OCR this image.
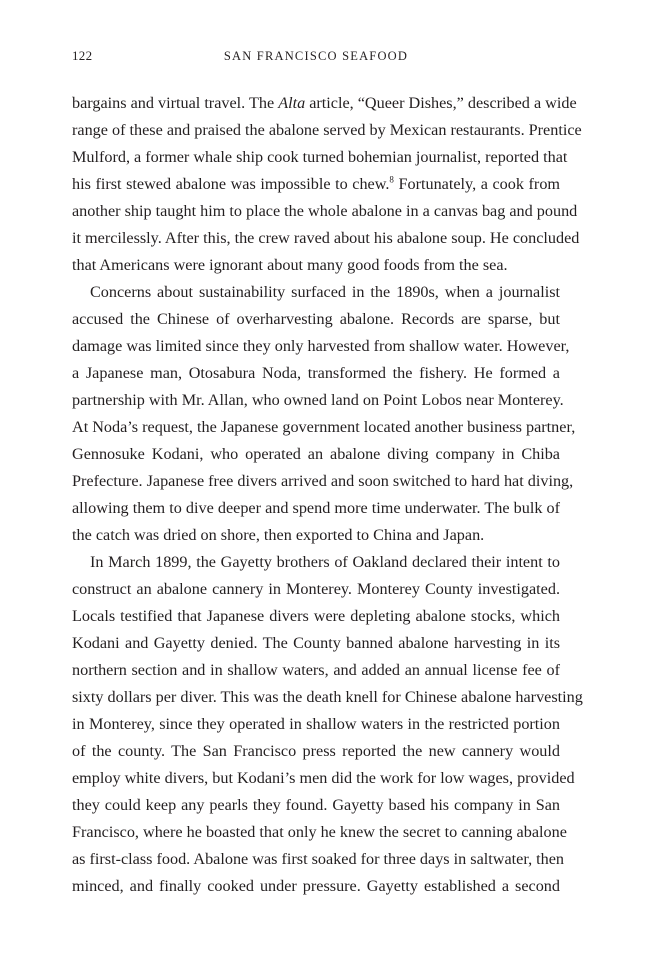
122	SAN FRANCISCO SEAFOOD
bargains and virtual travel. The Alta article, “Queer Dishes,” described a wide
range of these and praised the abalone served by Mexican restaurants. Prentice
Mulford, a former whale ship cook turned bohemian journalist, reported that
his first stewed abalone was impossible to chew.$^8$ Fortunately, a cook from
another ship taught him to place the whole abalone in a canvas bag and pound
it mercilessly. After this, the crew raved about his abalone soup. He concluded
that Americans were ignorant about many good foods from the sea.
Concerns about sustainability surfaced in the 1890s, when a journalist
accused the Chinese of overharvesting abalone. Records are sparse, but
damage was limited since they only harvested from shallow water. However,
a Japanese man, Otosabura Noda, transformed the fishery. He formed a
partnership with Mr. Allan, who owned land on Point Lobos near Monterey.
At Noda’s request, the Japanese government located another business partner,
Gennosuke Kodani, who operated an abalone diving company in Chiba
Prefecture. Japanese free divers arrived and soon switched to hard hat diving,
allowing them to dive deeper and spend more time underwater. The bulk of
the catch was dried on shore, then exported to China and Japan.
In March 1899, the Gayetty brothers of Oakland declared their intent to
construct an abalone cannery in Monterey. Monterey County investigated.
Locals testified that Japanese divers were depleting abalone stocks, which
Kodani and Gayetty denied. The County banned abalone harvesting in its
northern section and in shallow waters, and added an annual license fee of
sixty dollars per diver. This was the death knell for Chinese abalone harvesting
in Monterey, since they operated in shallow waters in the restricted portion
of the county. The San Francisco press reported the new cannery would
employ white divers, but Kodani’s men did the work for low wages, provided
they could keep any pearls they found. Gayetty based his company in San
Francisco, where he boasted that only he knew the secret to canning abalone
as first-class food. Abalone was first soaked for three days in saltwater, then
minced, and finally cooked under pressure. Gayetty established a second
